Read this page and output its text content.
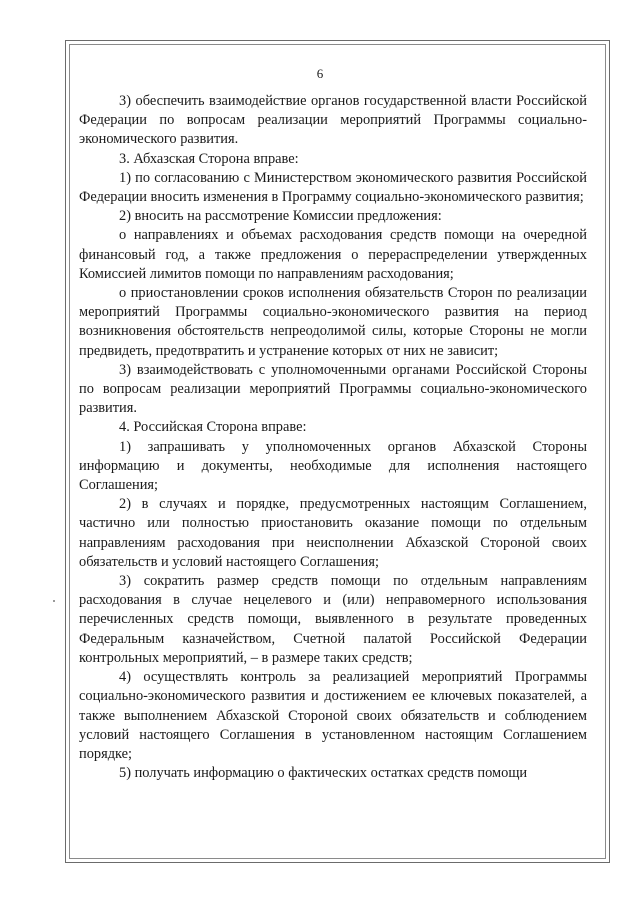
6

3) обеспечить взаимодействие органов государственной власти Российской Федерации по вопросам реализации мероприятий Программы социально-экономического развития.

3. Абхазская Сторона вправе:

1) по согласованию с Министерством экономического развития Российской Федерации вносить изменения в Программу социально-экономического развития;

2) вносить на рассмотрение Комиссии предложения:

о направлениях и объемах расходования средств помощи на очередной финансовый год, а также предложения о перераспределении утвержденных Комиссией лимитов помощи по направлениям расходования;

о приостановлении сроков исполнения обязательств Сторон по реализации мероприятий Программы социально-экономического развития на период возникновения обстоятельств непреодолимой силы, которые Стороны не могли предвидеть, предотвратить и устранение которых от них не зависит;

3) взаимодействовать с уполномоченными органами Российской Стороны по вопросам реализации мероприятий Программы социально-экономического развития.

4. Российская Сторона вправе:

1) запрашивать у уполномоченных органов Абхазской Стороны информацию и документы, необходимые для исполнения настоящего Соглашения;

2) в случаях и порядке, предусмотренных настоящим Соглашением, частично или полностью приостановить оказание помощи по отдельным направлениям расходования при неисполнении Абхазской Стороной своих обязательств и условий настоящего Соглашения;

3) сократить размер средств помощи по отдельным направлениям расходования в случае нецелевого и (или) неправомерного использования перечисленных средств помощи, выявленного в результате проведенных Федеральным казначейством, Счетной палатой Российской Федерации контрольных мероприятий, – в размере таких средств;

4) осуществлять контроль за реализацией мероприятий Программы социально-экономического развития и достижением ее ключевых показателей, а также выполнением Абхазской Стороной своих обязательств и соблюдением условий настоящего Соглашения в установленном настоящим Соглашением порядке;

5) получать информацию о фактических остатках средств помощи
